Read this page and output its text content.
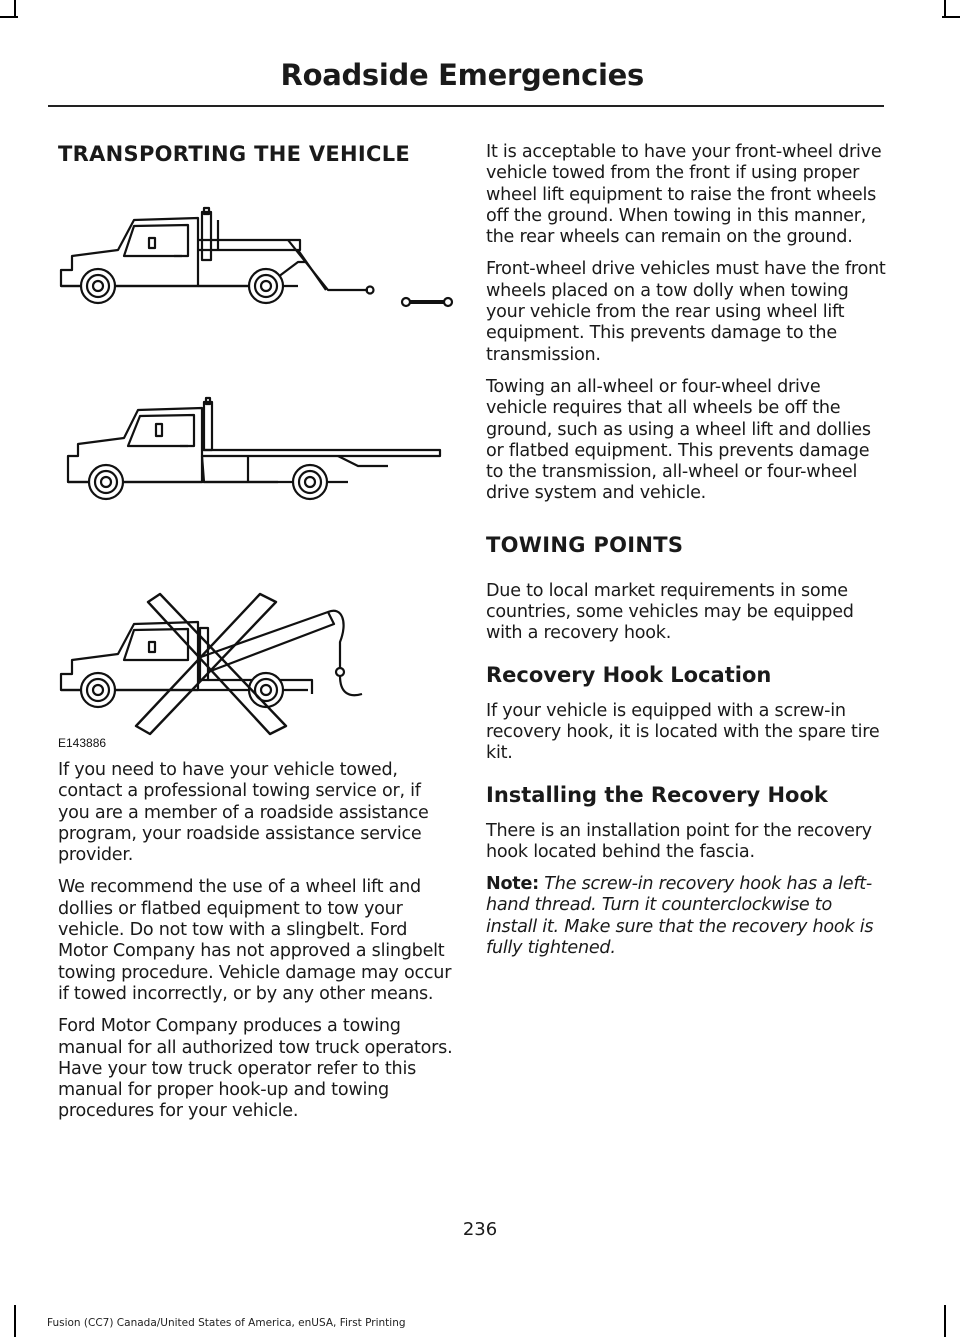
Roadside Emergencies
TRANSPORTING THE VEHICLE
E143886

If you need to have your vehicle towed, contact a professional towing service or, if you are a member of a roadside assistance program, your roadside assistance service provider.

We recommend the use of a wheel lift and dollies or flatbed equipment to tow your vehicle. Do not tow with a slingbelt. Ford Motor Company has not approved a slingbelt towing procedure. Vehicle damage may occur if towed incorrectly, or by any other means.

Ford Motor Company produces a towing manual for all authorized tow truck operators. Have your tow truck operator refer to this manual for proper hook-up and towing procedures for your vehicle.

It is acceptable to have your front-wheel drive vehicle towed from the front if using proper wheel lift equipment to raise the front wheels off the ground. When towing in this manner, the rear wheels can remain on the ground.

Front-wheel drive vehicles must have the front wheels placed on a tow dolly when towing your vehicle from the rear using wheel lift equipment. This prevents damage to the transmission.

Towing an all-wheel or four-wheel drive vehicle requires that all wheels be off the ground, such as using a wheel lift and dollies or flatbed equipment. This prevents damage to the transmission, all-wheel or four-wheel drive system and vehicle.

TOWING POINTS

Due to local market requirements in some countries, some vehicles may be equipped with a recovery hook.

Recovery Hook Location

If your vehicle is equipped with a screw-in recovery hook, it is located with the spare tire kit.

Installing the Recovery Hook

There is an installation point for the recovery hook located behind the fascia.

Note: The screw-in recovery hook has a left-hand thread. Turn it counterclockwise to install it. Make sure that the recovery hook is fully tightened.

236
Fusion (CC7) Canada/United States of America, enUSA, First Printing
